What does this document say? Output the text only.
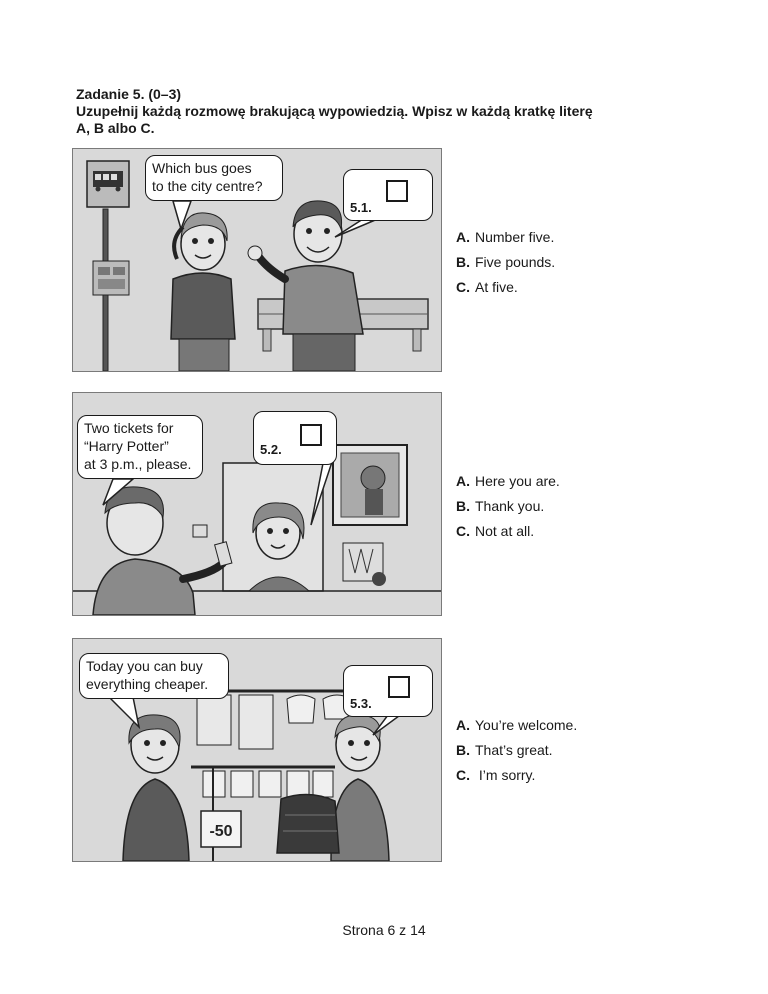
Zadanie 5. (0–3)
Uzupełnij każdą rozmowę brakującą wypowiedzią. Wpisz w każdą kratkę literę
A, B albo C.
Which bus goes
to the city centre?
5.1.
A. Number five.
B. Five pounds.
C. At five.
Two tickets for
“Harry Potter”
at 3 p.m., please.
5.2.
A. Here you are.
B. Thank you.
C. Not at all.
-50
Today you can buy
everything cheaper.
5.3.
A. You’re welcome.
B. That’s great.
C. I’m sorry.
Strona 6 z 14
